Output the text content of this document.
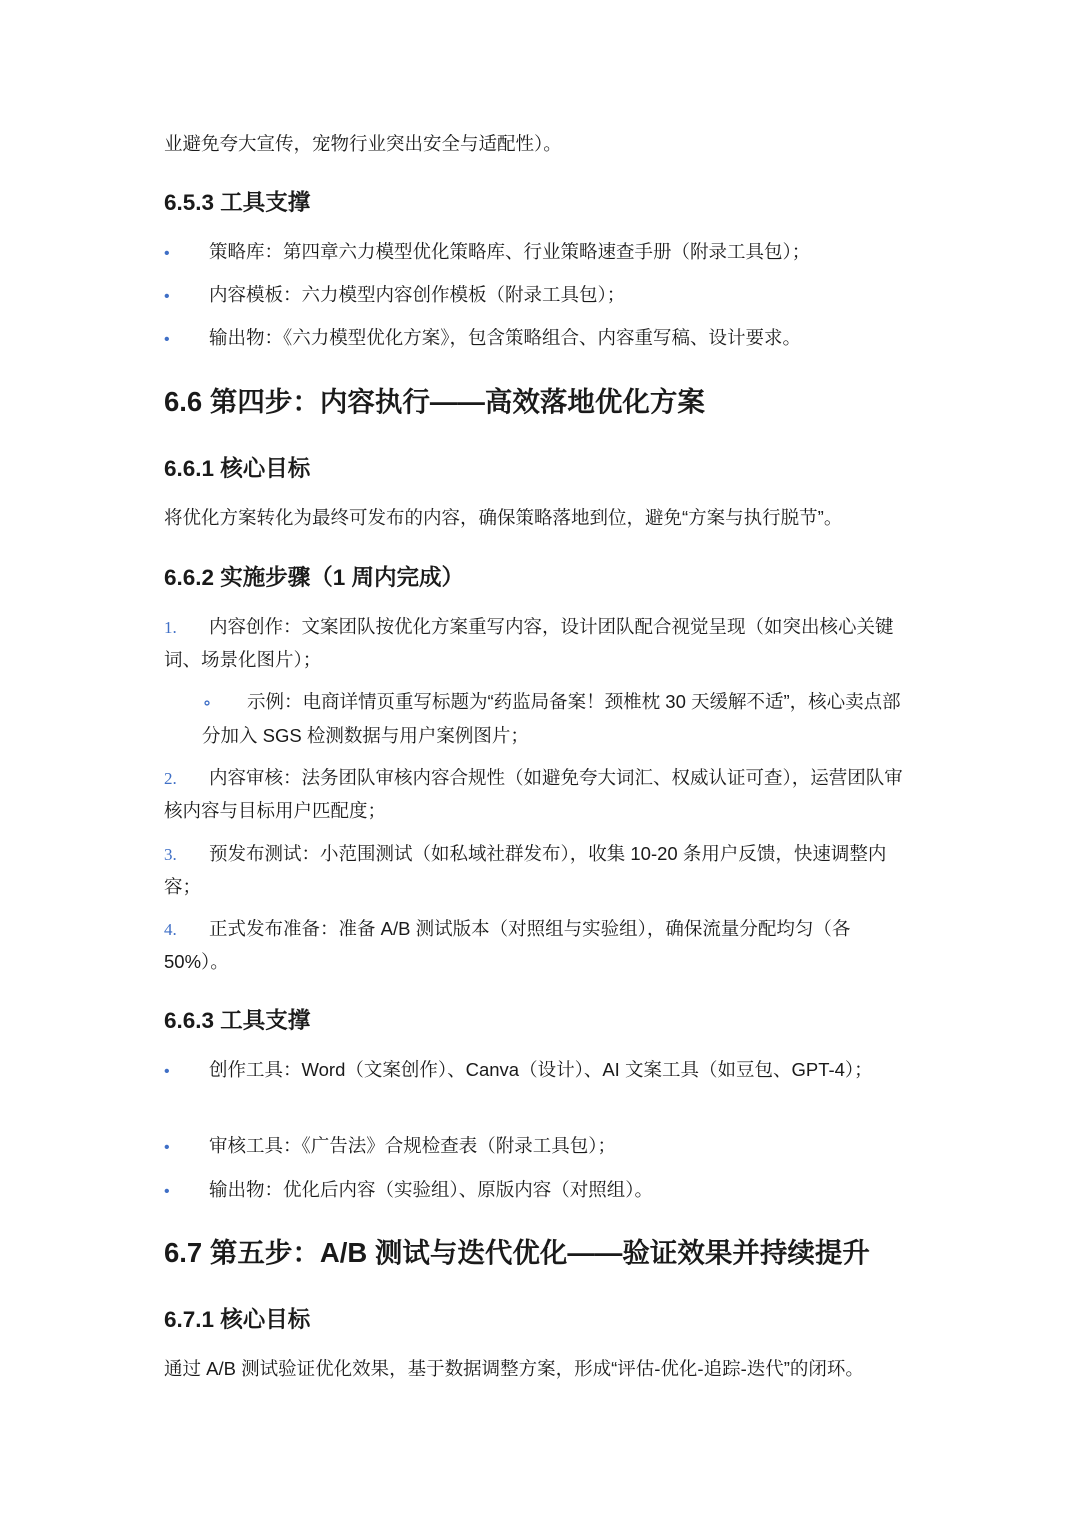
业避免夸大宣传，宠物行业突出安全与适配性）。

6.5.3 工具支撑
• 策略库：第四章六力模型优化策略库、行业策略速查手册（附录工具包）；
• 内容模板：六力模型内容创作模板（附录工具包）；
• 输出物：《六力模型优化方案》，包含策略组合、内容重写稿、设计要求。
6.6 第四步：内容执行——高效落地优化方案
6.6.1 核心目标

将优化方案转化为最终可发布的内容，确保策略落地到位，避免“方案与执行脱节”。

6.6.2 实施步骤（1 周内完成）
1. 内容创作：文案团队按优化方案重写内容，设计团队配合视觉呈现（如突出核心关键词、场景化图片）；
∘ 示例：电商详情页重写标题为“药监局备案！颈椎枕 30 天缓解不适”，核心卖点部分加入 SGS 检测数据与用户案例图片；
2. 内容审核：法务团队审核内容合规性（如避免夸大词汇、权威认证可查），运营团队审核内容与目标用户匹配度；
3. 预发布测试：小范围测试（如私域社群发布），收集 10-20 条用户反馈，快速调整内容；
4. 正式发布准备：准备 A/B 测试版本（对照组与实验组），确保流量分配均匀（各 50%）。
6.6.3 工具支撑
• 创作工具：Word（文案创作）、Canva（设计）、AI 文案工具（如豆包、GPT-4）；
• 审核工具：《广告法》合规检查表（附录工具包）；
• 输出物：优化后内容（实验组）、原版内容（对照组）。
6.7 第五步：A/B 测试与迭代优化——验证效果并持续提升
6.7.1 核心目标

通过 A/B 测试验证优化效果，基于数据调整方案，形成“评估-优化-追踪-迭代”的闭环。
